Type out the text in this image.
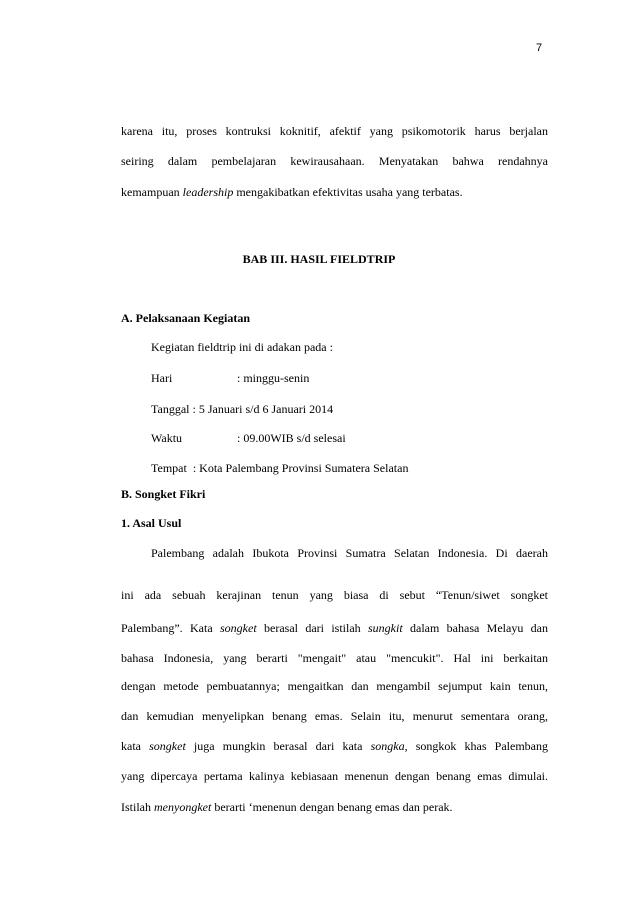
7
karena itu, proses kontruksi koknitif, afektif yang psikomotorik harus berjalan
seiring dalam pembelajaran kewirausahaan. Menyatakan bahwa rendahnya
kemampuan leadership mengakibatkan efektivitas usaha yang terbatas.
BAB III. HASIL FIELDTRIP
A. Pelaksanaan Kegiatan
Kegiatan fieldtrip ini di adakan pada :
Hari	: minggu-senin
Tanggal : 5 Januari s/d 6 Januari 2014
Waktu	: 09.00WIB s/d selesai
Tempat : Kota Palembang Provinsi Sumatera Selatan
B. Songket Fikri
1. Asal Usul
Palembang adalah Ibukota Provinsi Sumatra Selatan Indonesia. Di daerah
ini ada sebuah kerajinan tenun yang biasa di sebut “Tenun/siwet songket
Palembang”. Kata songket berasal dari istilah sungkit dalam bahasa Melayu dan
bahasa Indonesia, yang berarti "mengait" atau "mencukit". Hal ini berkaitan
dengan metode pembuatannya; mengaitkan dan mengambil sejumput kain tenun,
dan kemudian menyelipkan benang emas. Selain itu, menurut sementara orang,
kata songket juga mungkin berasal dari kata songka, songkok khas Palembang
yang dipercaya pertama kalinya kebiasaan menenun dengan benang emas dimulai.
Istilah menyongket berarti ‘menenun dengan benang emas dan perak.
